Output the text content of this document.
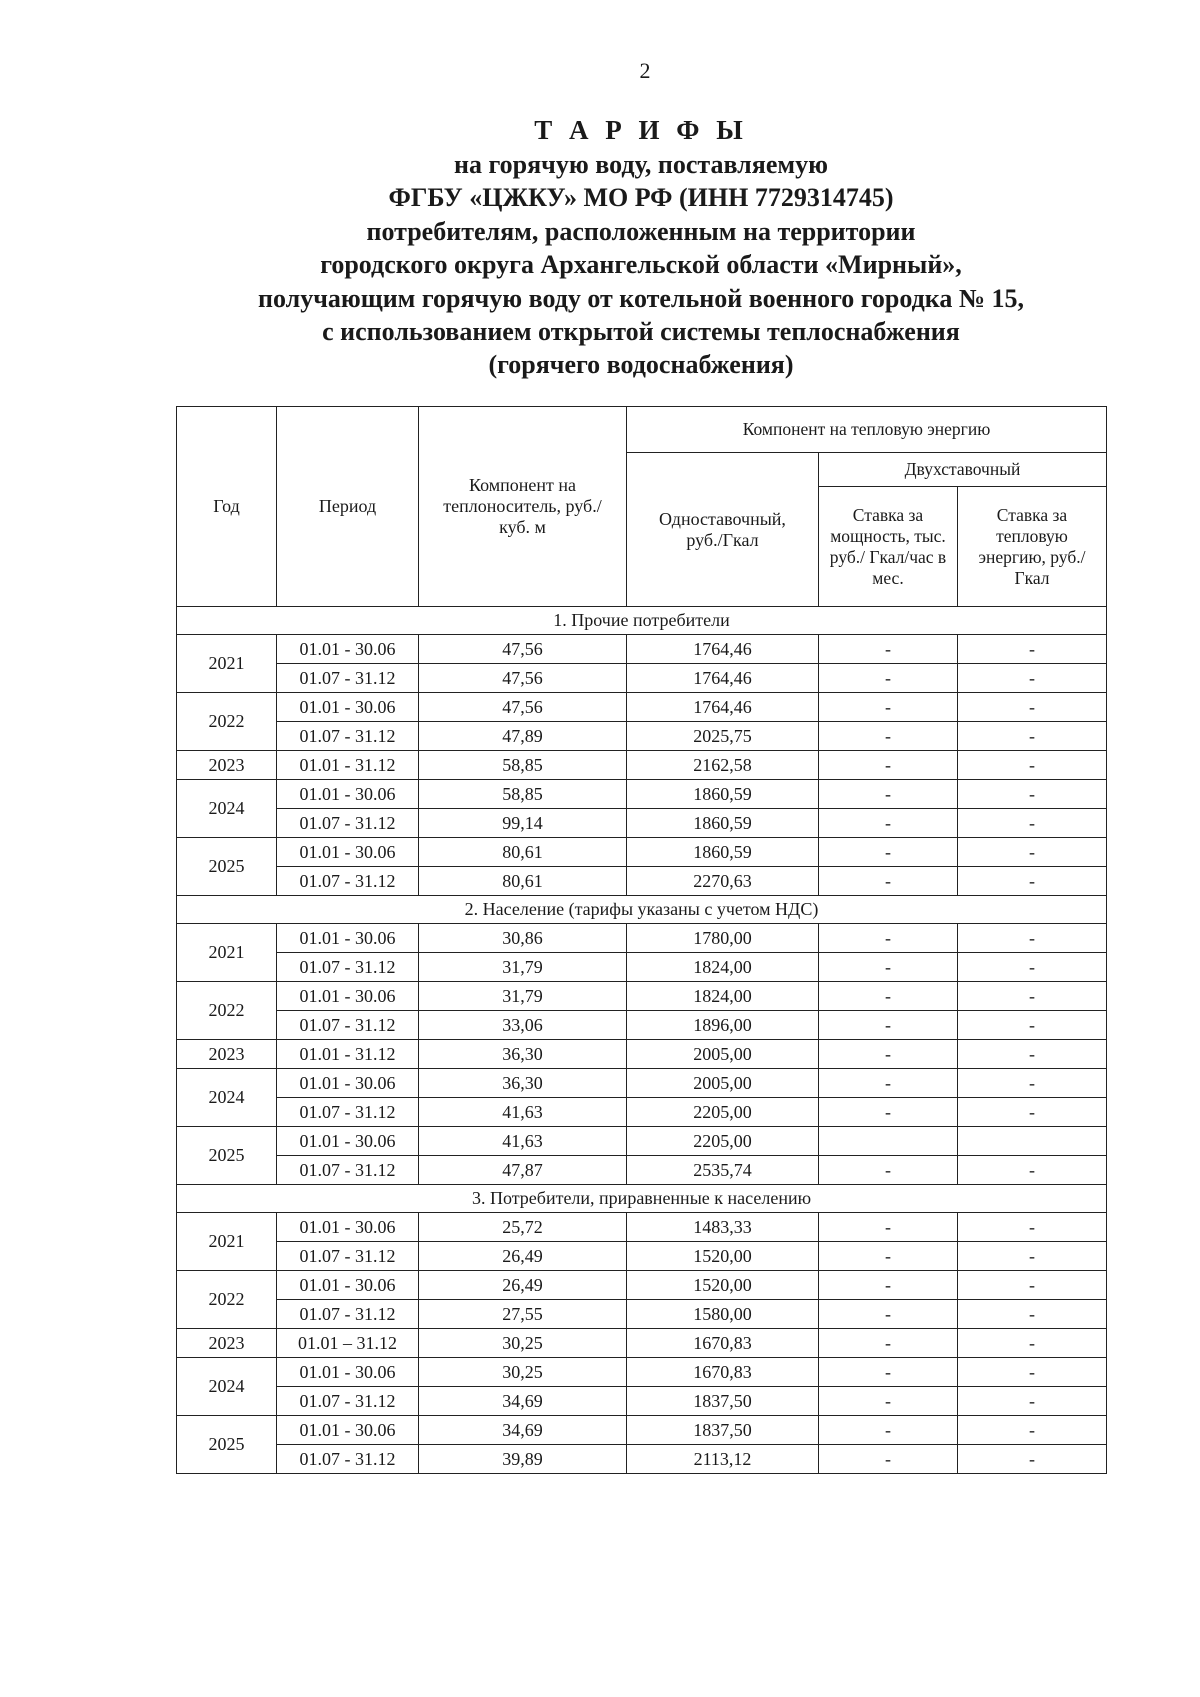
2
Т А Р И Ф Ы
на горячую воду, поставляемую
ФГБУ «ЦЖКУ» МО РФ (ИНН 7729314745)
потребителям, расположенным на территории
городского округа Архангельской области «Мирный»,
получающим горячую воду от котельной военного городка № 15,
с использованием открытой системы теплоснабжения
(горячего водоснабжения)
Год	Период	Компонент на теплоноситель, руб./куб. м	Компонент на тепловую энергию		
			Одноставочный, руб./Гкал	Двухставочный	
				Ставка за мощность, тыс. руб./ Гкал/час в мес.	Ставка за тепловую энергию, руб./Гкал
1. Прочие потребители					
2021	01.01 - 30.06	47,56	1764,46	-	-
	01.07 - 31.12	47,56	1764,46	-	-
2022	01.01 - 30.06	47,56	1764,46	-	-
	01.07 - 31.12	47,89	2025,75	-	-
2023	01.01 - 31.12	58,85	2162,58	-	-
2024	01.01 - 30.06	58,85	1860,59	-	-
	01.07 - 31.12	99,14	1860,59	-	-
2025	01.01 - 30.06	80,61	1860,59	-	-
	01.07 - 31.12	80,61	2270,63	-	-
2. Население (тарифы указаны с учетом НДС)					
2021	01.01 - 30.06	30,86	1780,00	-	-
	01.07 - 31.12	31,79	1824,00	-	-
2022	01.01 - 30.06	31,79	1824,00	-	-
	01.07 - 31.12	33,06	1896,00	-	-
2023	01.01 - 31.12	36,30	2005,00	-	-
2024	01.01 - 30.06	36,30	2005,00	-	-
	01.07 - 31.12	41,63	2205,00	-	-
2025	01.01 - 30.06	41,63	2205,00		
	01.07 - 31.12	47,87	2535,74	-	-
3. Потребители, приравненные к населению					
2021	01.01 - 30.06	25,72	1483,33	-	-
	01.07 - 31.12	26,49	1520,00	-	-
2022	01.01 - 30.06	26,49	1520,00	-	-
	01.07 - 31.12	27,55	1580,00	-	-
2023	01.01 – 31.12	30,25	1670,83	-	-
2024	01.01 - 30.06	30,25	1670,83	-	-
	01.07 - 31.12	34,69	1837,50	-	-
2025	01.01 - 30.06	34,69	1837,50	-	-
	01.07 - 31.12	39,89	2113,12	-	-
